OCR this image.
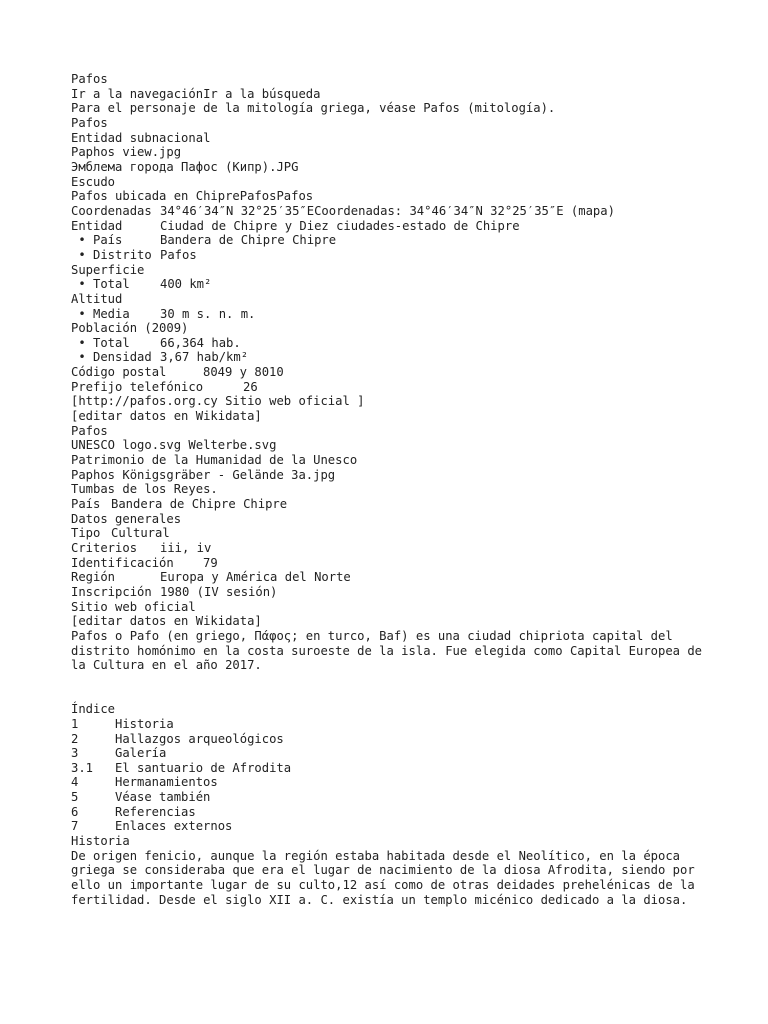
Pafos
Ir a la navegaciónIr a la búsqueda
Para el personaje de la mitología griega, véase Pafos (mitología).
Pafos
Entidad subnacional
Paphos view.jpg
Эмблема города Пафос (Кипр).JPG
Escudo
Pafos ubicada en ChiprePafosPafos
Coordenadas 34°46′34″N 32°25′35″ECoordenadas: 34°46′34″N 32°25′35″E (mapa)
Entidad	Ciudad de Chipre y Diez ciudades-estado de Chipre
• País	Bandera de Chipre Chipre
• Distrito Pafos
Superficie
• Total	400 km²
Altitud
• Media	30 m s. n. m.
Población (2009)
• Total	66,364 hab.
• Densidad 3,67 hab/km²
Código postal	8049 y 8010
Prefijo telefónico	26
[http://pafos.org.cy Sitio web oficial ]
[editar datos en Wikidata]
Pafos
UNESCO logo.svg Welterbe.svg
Patrimonio de la Humanidad de la Unesco
Paphos Königsgräber - Gelände 3a.jpg
Tumbas de los Reyes.
País Bandera de Chipre Chipre
Datos generales
Tipo Cultural
Criterios	iii, iv
Identificación	79
Región	Europa y América del Norte
Inscripción 1980 (IV sesión)
Sitio web oficial
[editar datos en Wikidata]
Pafos o Pafo (en griego, Πάφος; en turco, Baf) es una ciudad chipriota capital del distrito homónimo en la costa suroeste de la isla. Fue elegida como Capital Europea de la Cultura en el año 2017.
Índice
1	Historia
2	Hallazgos arqueológicos
3	Galería
3.1	El santuario de Afrodita
4	Hermanamientos
5	Véase también
6	Referencias
7	Enlaces externos
Historia
De origen fenicio, aunque la región estaba habitada desde el Neolítico, en la época griega se consideraba que era el lugar de nacimiento de la diosa Afrodita, siendo por ello un importante lugar de su culto,12 así como de otras deidades prehelénicas de la fertilidad. Desde el siglo XII a. C. existía un templo micénico dedicado a la diosa.
